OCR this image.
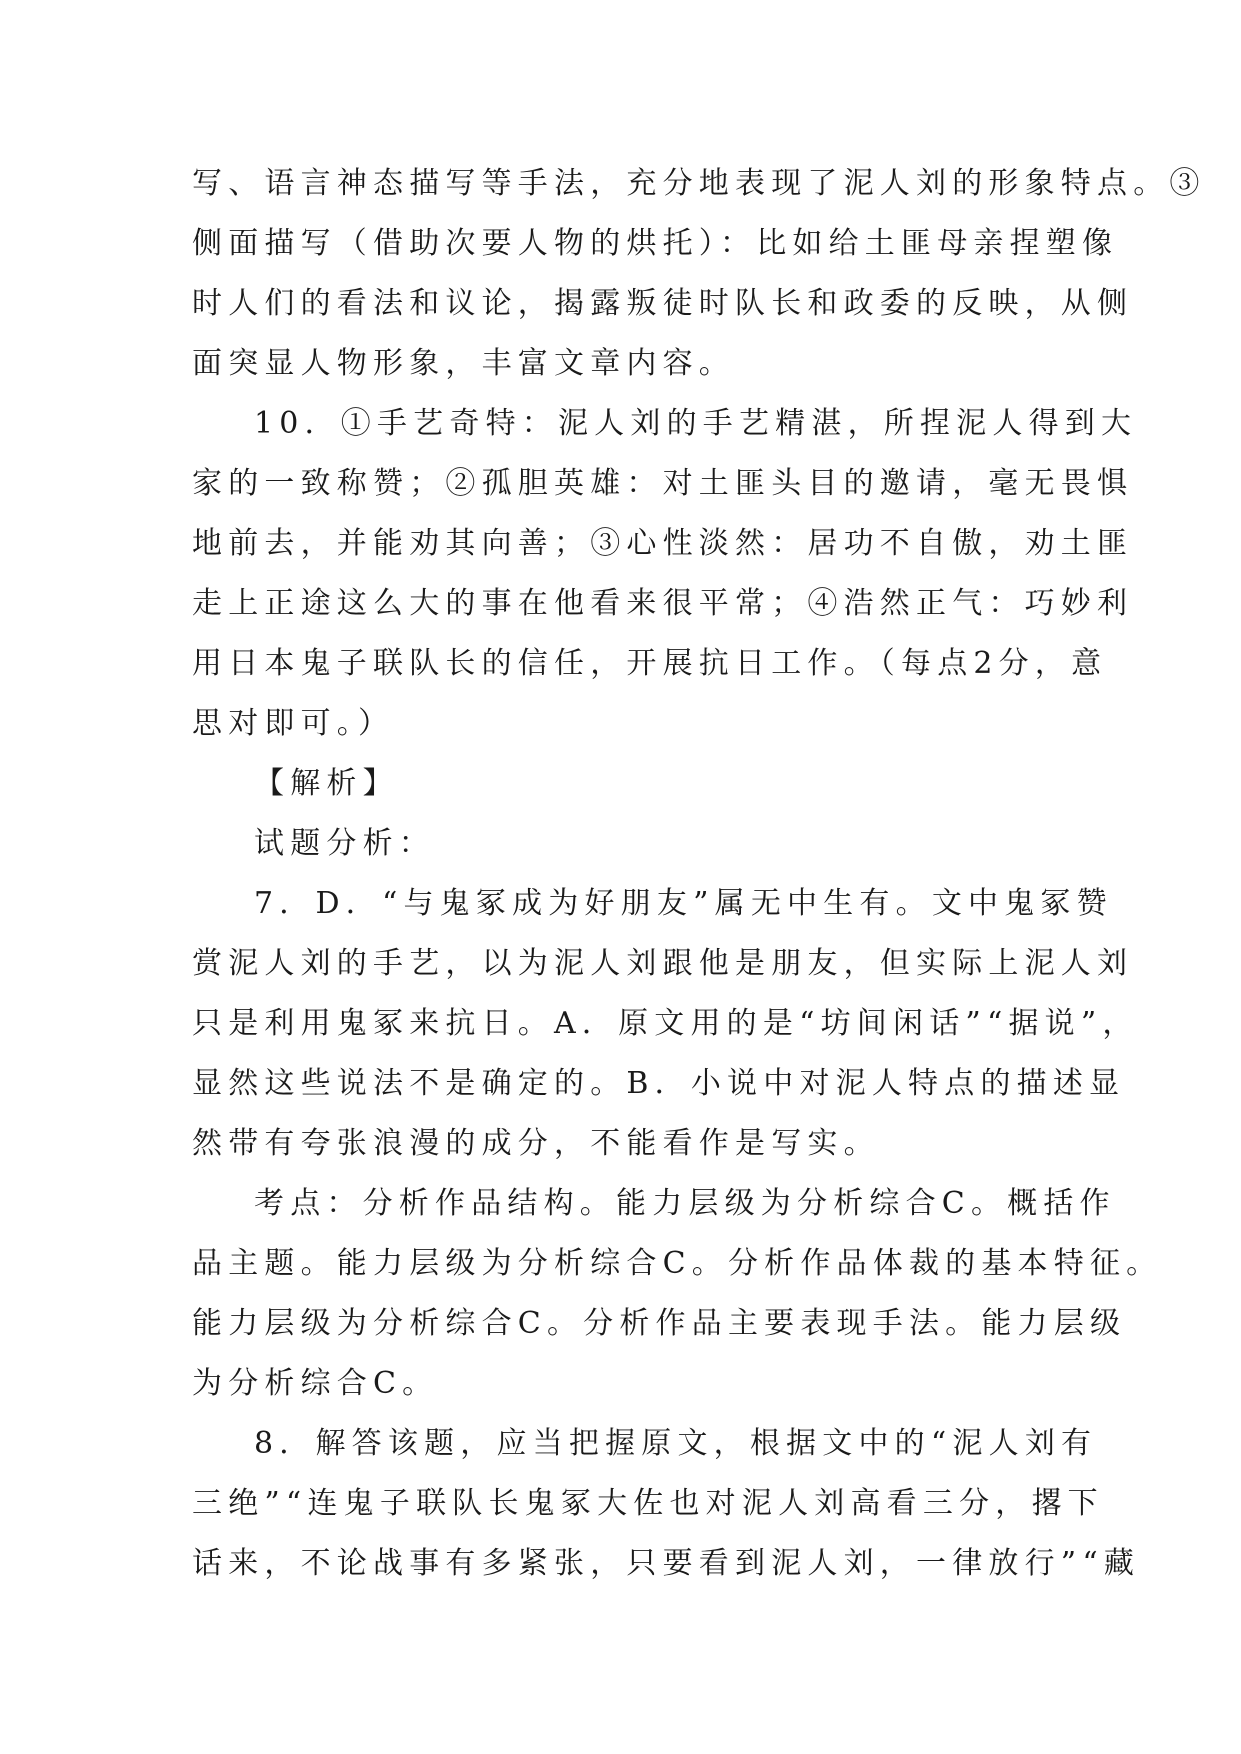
写、语言神态描写等手法，充分地表现了泥人刘的形象特点。③
侧面描写（借助次要人物的烘托）：比如给土匪母亲捏塑像
时人们的看法和议论，揭露叛徒时队长和政委的反映，从侧
面突显人物形象，丰富文章内容。
10．①手艺奇特：泥人刘的手艺精湛，所捏泥人得到大
家的一致称赞；②孤胆英雄：对土匪头目的邀请，毫无畏惧
地前去，并能劝其向善；③心性淡然：居功不自傲，劝土匪
走上正途这么大的事在他看来很平常；④浩然正气：巧妙利
用日本鬼子联队长的信任，开展抗日工作。（每点2分，意
思对即可。）
【解析】
试题分析：
7．D．“与鬼冢成为好朋友”属无中生有。文中鬼冢赞
赏泥人刘的手艺，以为泥人刘跟他是朋友，但实际上泥人刘
只是利用鬼冢来抗日。A．原文用的是“坊间闲话”“据说”，
显然这些说法不是确定的。B．小说中对泥人特点的描述显
然带有夸张浪漫的成分，不能看作是写实。
考点：分析作品结构。能力层级为分析综合C。概括作
品主题。能力层级为分析综合C。分析作品体裁的基本特征。
能力层级为分析综合C。分析作品主要表现手法。能力层级
为分析综合C。
8．解答该题，应当把握原文，根据文中的“泥人刘有
三绝”“连鬼子联队长鬼冢大佐也对泥人刘高看三分，撂下
话来，不论战事有多紧张，只要看到泥人刘，一律放行”“藏
